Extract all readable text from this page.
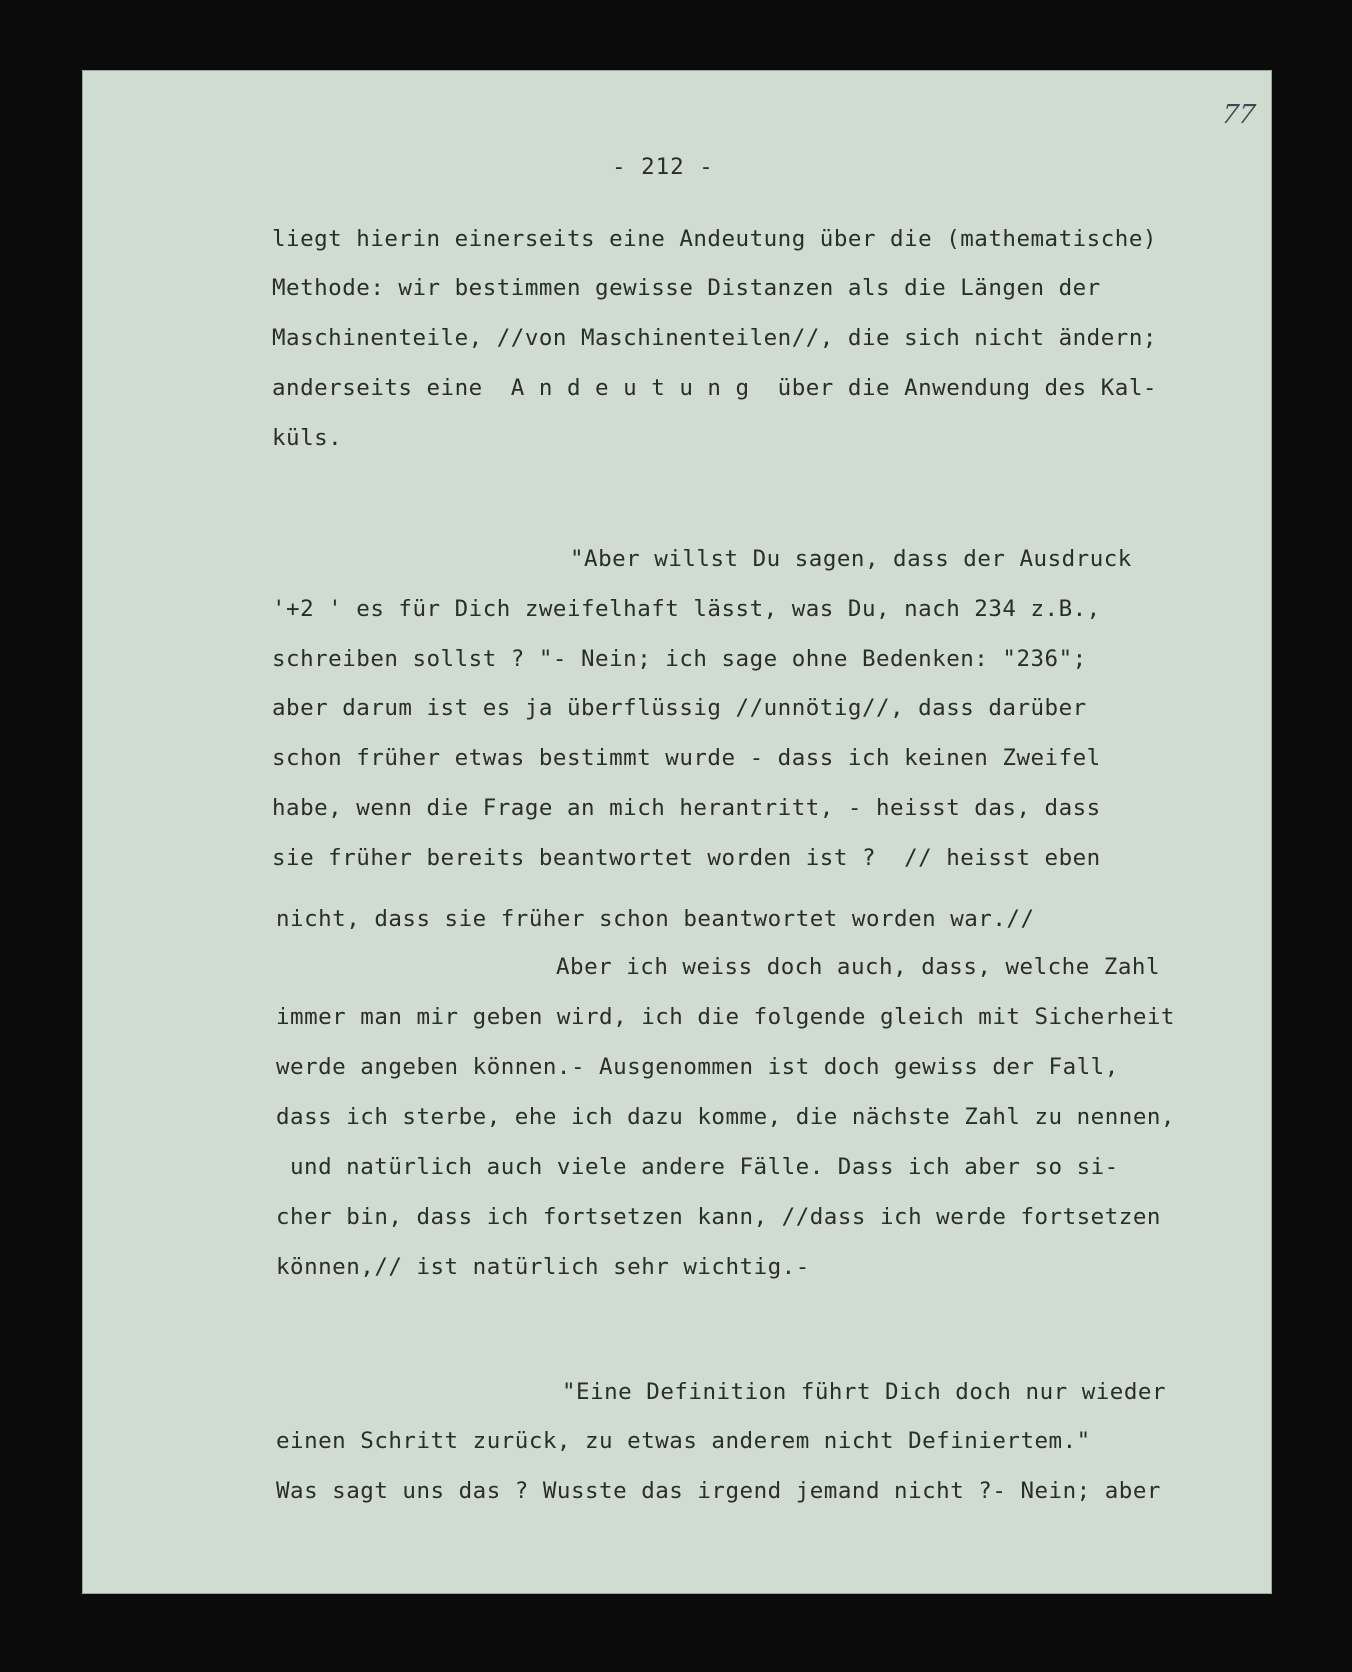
77
- 212 -
liegt hierin einerseits eine Andeutung über die (mathematische)
Methode: wir bestimmen gewisse Distanzen als die Längen der
Maschinenteile, //von Maschinenteilen//, die sich nicht ändern;
anderseits eine  A n d e u t u n g  über die Anwendung des Kal-
küls.
"Aber willst Du sagen, dass der Ausdruck
'+2 ' es für Dich zweifelhaft lässt, was Du, nach 234 z.B.,
schreiben sollst ? "- Nein; ich sage ohne Bedenken: "236";
aber darum ist es ja überflüssig //unnötig//, dass darüber
schon früher etwas bestimmt wurde - dass ich keinen Zweifel
habe, wenn die Frage an mich herantritt, - heisst das, dass
sie früher bereits beantwortet worden ist ?  // heisst eben
nicht, dass sie früher schon beantwortet worden war.//
Aber ich weiss doch auch, dass, welche Zahl
immer man mir geben wird, ich die folgende gleich mit Sicherheit
werde angeben können.- Ausgenommen ist doch gewiss der Fall,
dass ich sterbe, ehe ich dazu komme, die nächste Zahl zu nennen,
und natürlich auch viele andere Fälle. Dass ich aber so si-
cher bin, dass ich fortsetzen kann, //dass ich werde fortsetzen
können,// ist natürlich sehr wichtig.-
"Eine Definition führt Dich doch nur wieder
einen Schritt zurück, zu etwas anderem nicht Definiertem."
Was sagt uns das ? Wusste das irgend jemand nicht ?- Nein; aber
